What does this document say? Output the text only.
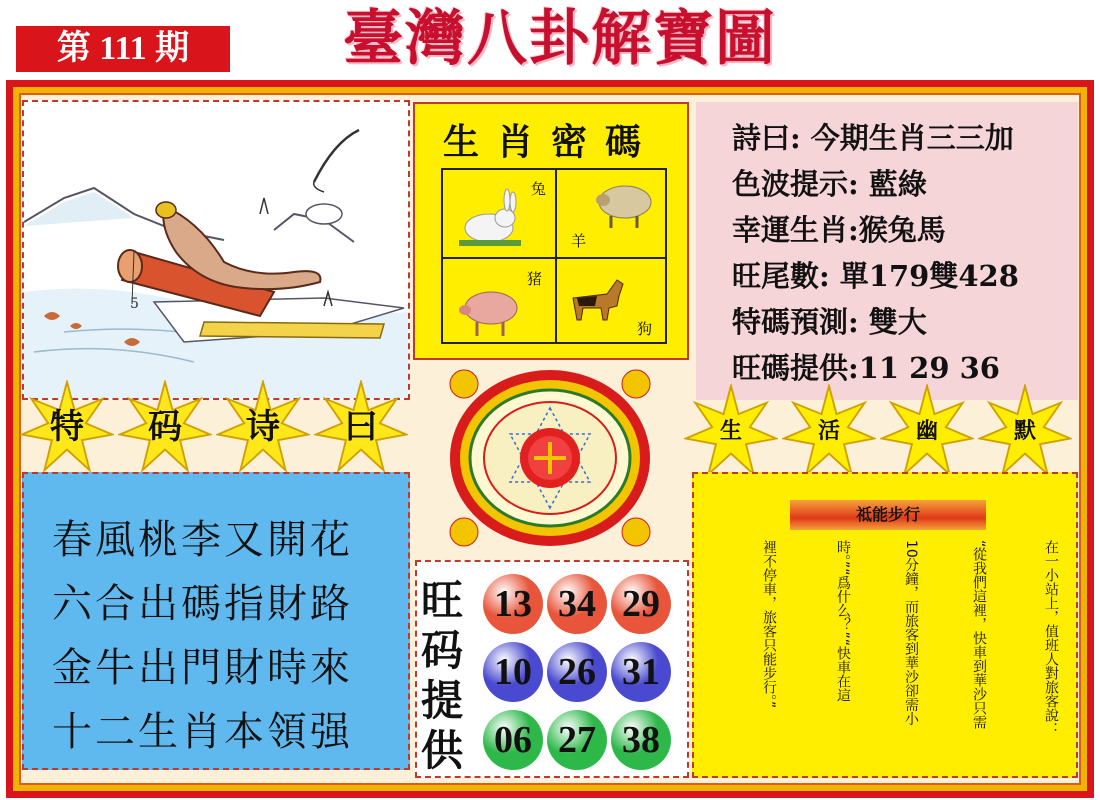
第 111 期	臺灣八卦解寶圖
5
生肖密碼
兔
羊
猪
狗
詩曰: 今期生肖三三加
色波提示: 藍綠
幸運生肖:猴兔馬
旺尾數: 單179雙428
特碼預測: 雙大
旺碼提供:11 29 36
特	码	诗	曰	生	活	幽	默
春風桃李又開花
六合出碼指財路
金牛出門財時來
十二生肖本領强
旺
码
提
供
13 34 29
10 26 31
06 27 38
祗能步行
在一小站上，值班人對旅客說：
“從我們這裡，快車到華沙只需
10分鐘，而旅客到華沙卻需小
時。”“爲什么？”“快車在這
裡不停車，旅客只能步行。”
